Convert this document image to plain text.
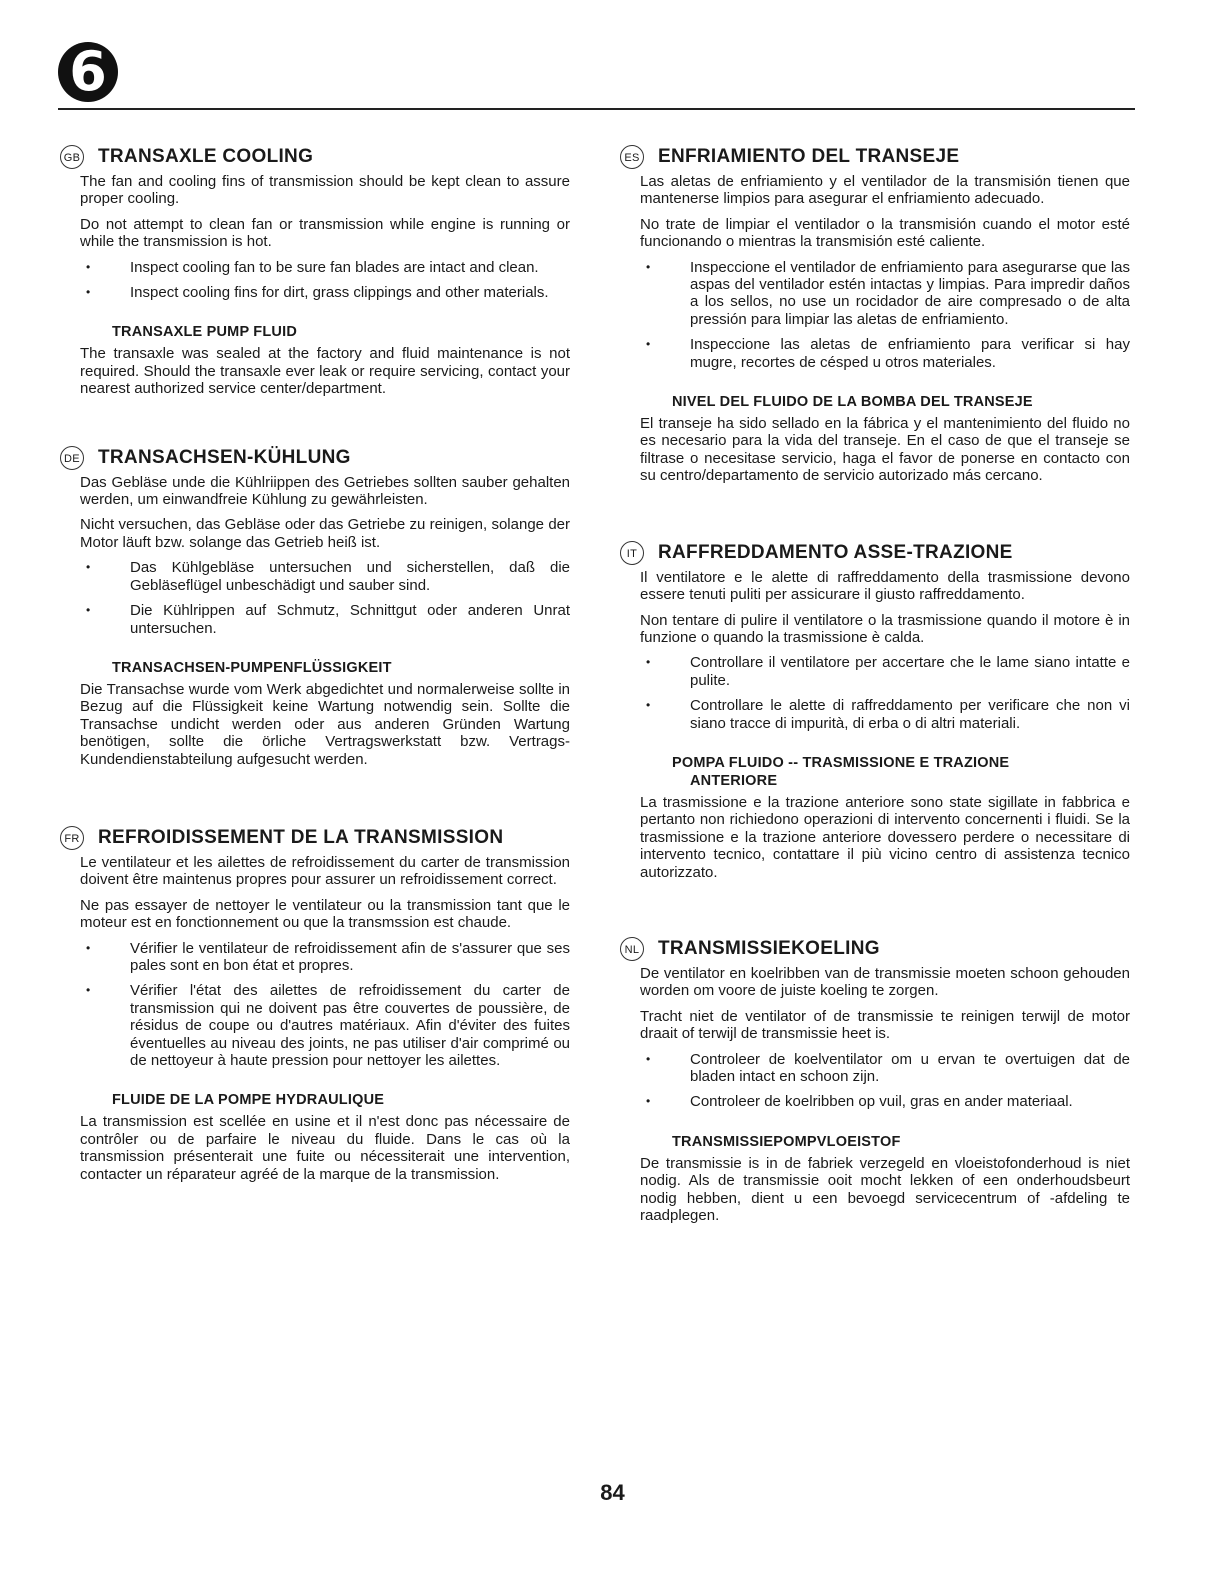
6
GB TRANSAXLE COOLING

The fan and cooling fins of transmission should be kept clean to assure proper cooling.

Do not attempt to clean fan or transmission while engine is running or while the transmission is hot.

• Inspect cooling fan to be sure fan blades are intact and clean.
• Inspect cooling fins for dirt, grass clippings and other materials.
TRANSAXLE PUMP FLUID

The transaxle was sealed at the factory and fluid maintenance is not required. Should the transaxle ever leak or require servicing, contact your nearest authorized service center/department.

DE TRANSACHSEN-KÜHLUNG

Das Gebläse unde die Kühlriippen des Getriebes sollten sauber gehalten werden, um einwandfreie Kühlung zu gewährleisten.

Nicht versuchen, das Gebläse oder das Getriebe zu reinigen, solange der Motor läuft bzw. solange das Getrieb heiß ist.

• Das Kühlgebläse untersuchen und sicherstellen, daß die Gebläseflügel unbeschädigt und sauber sind.
• Die Kühlrippen auf Schmutz, Schnittgut oder anderen Unrat untersuchen.
TRANSACHSEN-PUMPENFLÜSSIGKEIT

Die Transachse wurde vom Werk abgedichtet und normalerweise sollte in Bezug auf die Flüssigkeit keine Wartung notwendig sein. Sollte die Transachse undicht werden oder aus anderen Gründen Wartung benötigen, sollte die örliche Vertragswerkstatt bzw. Vertrags-Kundendienstabteilung aufgesucht werden.

FR REFROIDISSEMENT DE LA TRANSMISSION

Le ventilateur et les ailettes de refroidissement du carter de transmission doivent être maintenus propres pour assurer un refroidissement correct.

Ne pas essayer de nettoyer le ventilateur ou la transmission tant que le moteur est en fonctionnement ou que la transmssion est chaude.

• Vérifier le ventilateur de refroidissement afin de s'assurer que ses pales sont en bon état et propres.
• Vérifier l'état des ailettes de refroidissement du carter de transmission qui ne doivent pas être couvertes de poussière, de résidus de coupe ou d'autres matériaux. Afin d'éviter des fuites éventuelles au niveau des joints, ne pas utiliser d'air comprimé ou de nettoyeur à haute pression pour nettoyer les ailettes.
FLUIDE DE LA POMPE HYDRAULIQUE

La transmission est scellée en usine et il n'est donc pas nécessaire de contrôler ou de parfaire le niveau du fluide. Dans le cas où la transmission présenterait une fuite ou nécessiterait une intervention, contacter un réparateur agréé de la marque de la transmission.

ES ENFRIAMIENTO DEL TRANSEJE

Las aletas de enfriamiento y el ventilador de la transmisión tienen que mantenerse limpios para asegurar el enfriamiento adecuado.

No trate de limpiar el ventilador o la transmisión cuando el motor esté funcionando o mientras la transmisión esté caliente.

• Inspeccione el ventilador de enfriamiento para asegurarse que las aspas del ventilador estén intactas y limpias. Para impredir daños a los sellos, no use un rocidador de aire compresado o de alta pressión para limpiar las aletas de enfriamiento.
• Inspeccione las aletas de enfriamiento para verificar si hay mugre, recortes de césped u otros materiales.
NIVEL DEL FLUIDO DE LA BOMBA DEL TRANSEJE

El transeje ha sido sellado en la fábrica y el mantenimiento del fluido no es necesario para la vida del transeje. En el caso de que el transeje se filtrase o necesitase servicio, haga el favor de ponerse en contacto con su centro/departamento de servicio autorizado más cercano.

IT	RAFFREDDAMENTO ASSE-TRAZIONE

Il ventilatore e le alette di raffreddamento della trasmissione devono essere tenuti puliti per assicurare il giusto raffreddamento.

Non tentare di pulire il ventilatore o la trasmissione quando il motore è in funzione o quando la trasmissione è calda.

• Controllare il ventilatore per accertare che le lame siano intatte e pulite.
• Controllare le alette di raffreddamento per verificare che non vi siano tracce di impurità, di erba o di altri materiali.
POMPA FLUIDO -- TRASMISSIONE E TRAZIONE
ANTERIORE

La trasmissione e la trazione anteriore sono state sigillate in fabbrica e pertanto non richiedono operazioni di intervento concernenti i fluidi. Se la trasmissione e la trazione anteriore dovessero perdere o necessitare di intervento tecnico, contattare il più vicino centro di assistenza tecnico autorizzato.

NL TRANSMISSIEKOELING

De ventilator en koelribben van de transmissie moeten schoon gehouden worden om voore de juiste koeling te zorgen.

Tracht niet de ventilator of de transmissie te reinigen terwijl de motor draait of terwijl de transmissie heet is.

• Controleer de koelventilator om u ervan te overtuigen dat de bladen intact en schoon zijn.
• Controleer de koelribben op vuil, gras en ander materiaal.
TRANSMISSIEPOMPVLOEISTOF

De transmissie is in de fabriek verzegeld en vloeistofonderhoud is niet nodig. Als de transmissie ooit mocht lekken of een onderhoudsbeurt nodig hebben, dient u een bevoegd servicecentrum of -afdeling te raadplegen.

84
